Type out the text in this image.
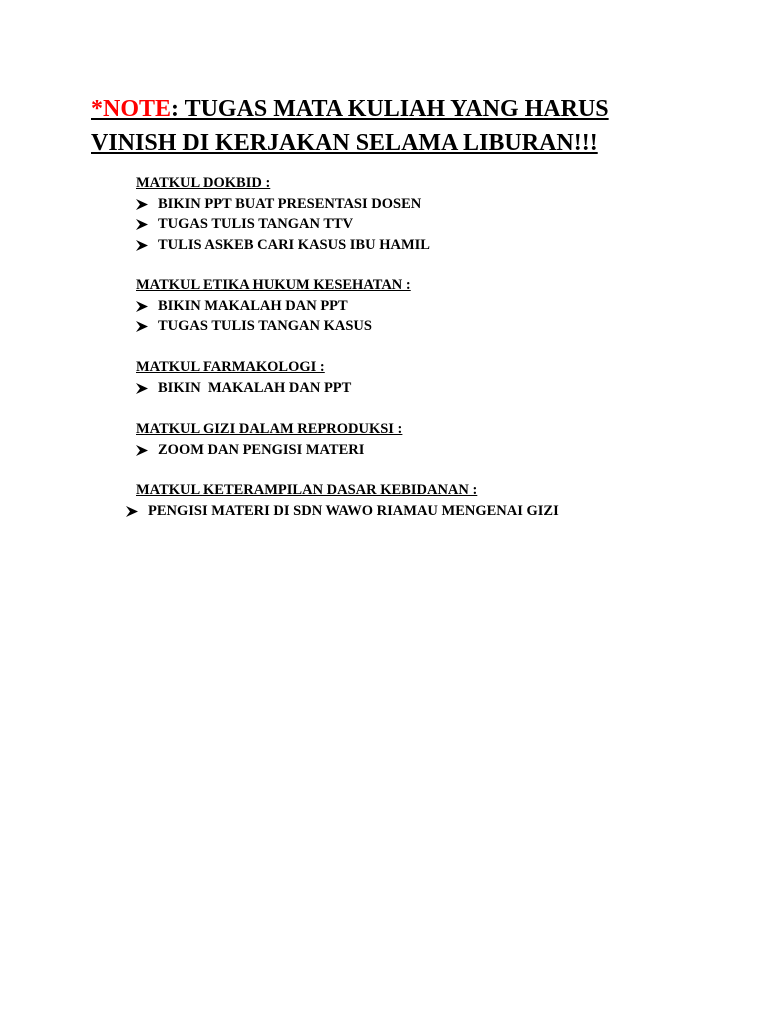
*NOTE: TUGAS MATA KULIAH YANG HARUS
VINISH DI KERJAKAN SELAMA LIBURAN!!!
MATKUL DOKBID :
BIKIN PPT BUAT PRESENTASI DOSEN
TUGAS TULIS TANGAN TTV
TULIS ASKEB CARI KASUS IBU HAMIL
MATKUL ETIKA HUKUM KESEHATAN :
BIKIN MAKALAH DAN PPT
TUGAS TULIS TANGAN KASUS
MATKUL FARMAKOLOGI :
BIKIN  MAKALAH DAN PPT
MATKUL GIZI DALAM REPRODUKSI :
ZOOM DAN PENGISI MATERI
MATKUL KETERAMPILAN DASAR KEBIDANAN :
PENGISI MATERI DI SDN WAWO RIAMAU MENGENAI GIZI
